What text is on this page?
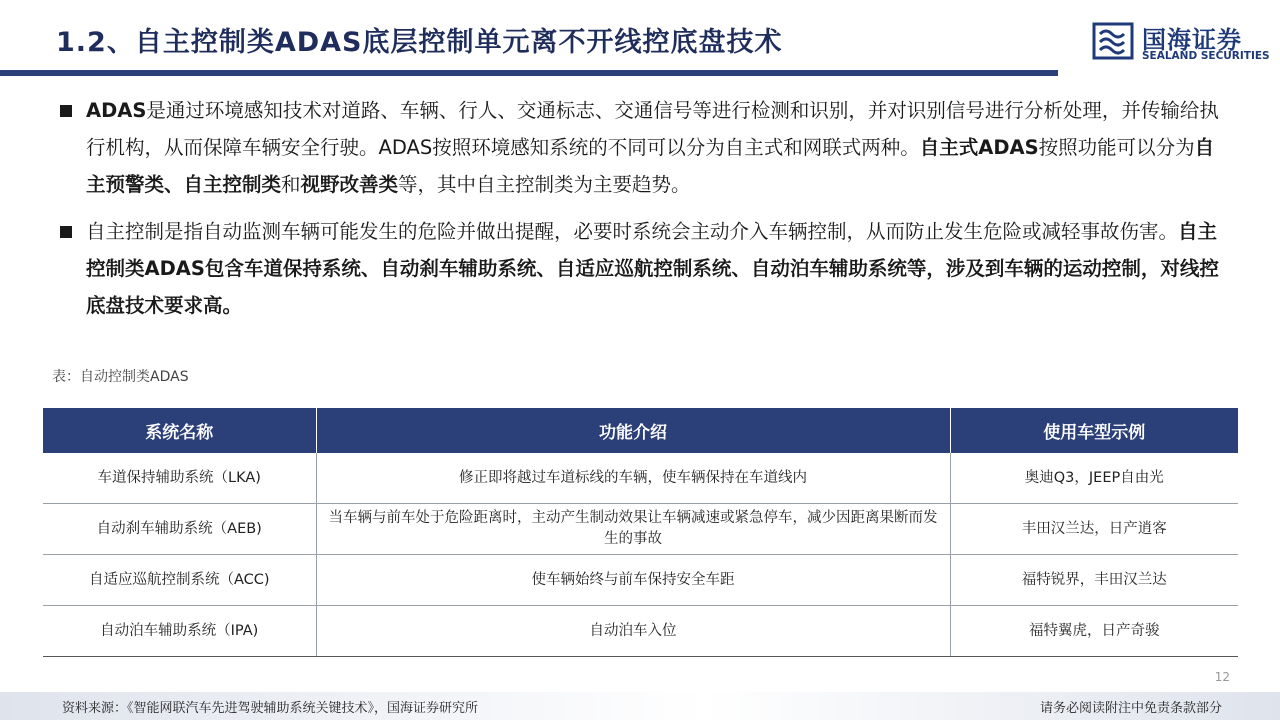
1.2、自主控制类ADAS底层控制单元离不开线控底盘技术	国海证券
SEALAND SECURITIES
ADAS是通过环境感知技术对道路、车辆、行人、交通标志、交通信号等进行检测和识别，并对识别信号进行分析处理，并传输给执行机构，从而保障车辆安全行驶。ADAS按照环境感知系统的不同可以分为自主式和网联式两种。自主式ADAS按照功能可以分为自主预警类、自主控制类和视野改善类等，其中自主控制类为主要趋势。
自主控制是指自动监测车辆可能发生的危险并做出提醒，必要时系统会主动介入车辆控制，从而防止发生危险或减轻事故伤害。自主控制类ADAS包含车道保持系统、自动刹车辅助系统、自适应巡航控制系统、自动泊车辅助系统等，涉及到车辆的运动控制，对线控底盘技术要求高。
表：自动控制类ADAS
系统名称	功能介绍	使用车型示例
车道保持辅助系统（LKA)	修正即将越过车道标线的车辆，使车辆保持在车道线内	奥迪Q3，JEEP自由光
自动刹车辅助系统（AEB)	当车辆与前车处于危险距离时，主动产生制动效果让车辆减速或紧急停车，减少因距离果断而发生的事故	丰田汉兰达，日产逍客
自适应巡航控制系统（ACC)	使车辆始终与前车保持安全车距	福特锐界，丰田汉兰达
自动泊车辅助系统（IPA)	自动泊车入位	福特翼虎，日产奇骏
12
资料来源：《智能网联汽车先进驾驶辅助系统关键技术》，国海证券研究所	请务必阅读附注中免责条款部分
